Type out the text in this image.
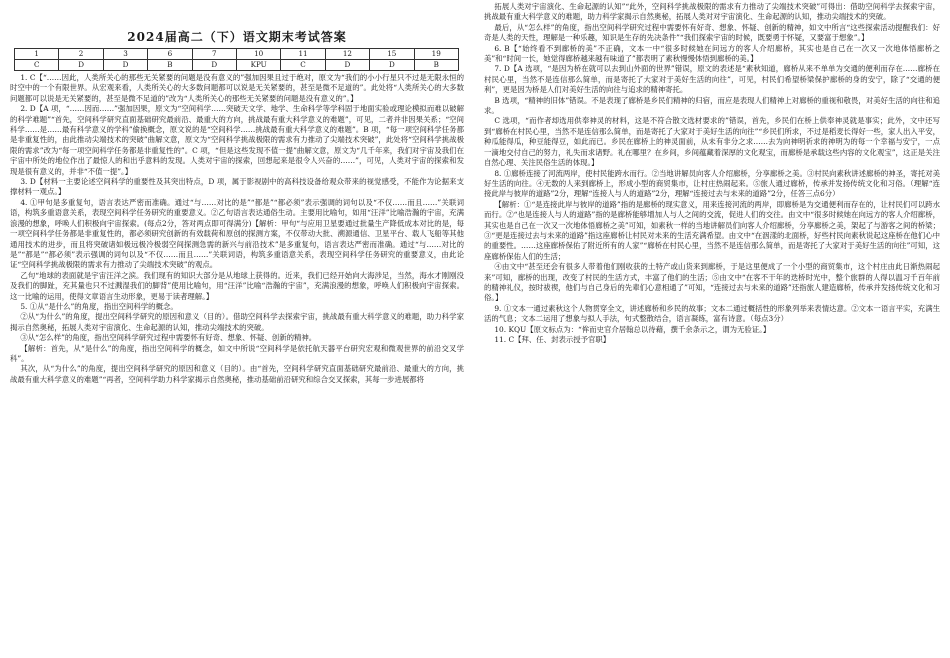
2024届高二（下）语文期末考试答案
1	2	3	6	7	10	11	12	15	19
C	D	D	B	D	KPU	C	D	D	B

1. C【“……因此，人类所关心的那些无关紧要的问题是没有意义的”强加因果且过于绝对，原文为“我们的小小行星只不过是无限永恒的时空中的一个有限世界。从宏观来看，人类所关心的大多数问题都可以说是无关紧要的，甚至是微不足道的”。此处将“人类所关心的大多数问题都可以说是无关紧要的，甚至是微不足道的”改为“人类所关心的那些无关紧要的问题是没有意义的”。】

2. D【A 项，“……因而……”强加因果，原文为“空间科学……突破天文学、地学、生命科学等学科固于地面实验或理论模拟而难以破解的科学难题”“首先，空间科学研究直面基础研究最前沿、最重大的方向，挑战最有重大科学意义的难题”，可见，二者并非因果关系；“空间科学……是……最有科学意义的学科”偷换概念，原文说的是“空间科学……挑战最有重大科学意义的难题”。B 项，“每一项空间科学任务都是非重复性的，由此推动尖端技术的突破”曲解文意，原文为“空间科学挑战极限的需求有力推动了尖端技术突破”，此处将“空间科学挑战极限的需求”改为“每一项空间科学任务都是非重复性的”。C 项，“但是这些发现不值一提”曲解文意，原文为“几千年来，我们对宇宙及我们在宇宙中所处的地位作出了最惊人的和出乎意料的发现。人类对宇宙的探索，回想起来是很令人兴奋的……”，可见，人类对宇宙的探索和发现是很有意义的，并非“不值一提”。】

3. D【材料一主要论述空间科学的重要性及其突出特点，D 项，属于影视剧中的高科技设备给观众带来的视觉感受，不能作为论据来支撑材料一观点。】

4. ①甲句是多重复句，语言表达严密而准确。通过“与……对比的是”“都是”“都必须”表示强调的词句以及“不仅……而且……”关联词语，构筑多重语意关系，表现空间科学任务研究的重要意义。②乙句语言表达通俗生动。主要用比喻句，如用“汪洋”比喻浩瀚的宇宙，充满浪漫的想象，呼唤人们积极向宇宙探索。(每点2分，答对两点即可得满分)【解析：甲句“与应用卫星要通过批量生产降低成本对比的是，每一项空间科学任务都是非重复性的，都必须研究创新的有效载荷和原创的探测方案，不仅带动大批、溯源通信、卫星平台、载人飞船等其他通用技术的进步，而且将突破诸如极远极冷极弱空间探测急需的新兴与前沿技术”是多重复句，语言表达严密而准确。通过“与……对比的是”“都是”“都必须”表示强调的词句以及“不仅……而且……”关联词语，构筑多重语意关系，表现空间科学任务研究的重要意义，由此论证“空间科学挑战极限的需求有力推动了尖端技术突破”的观点。

乙句“地球的表面就是宇宙汪洋之滨。我们现有的知识大部分是从地球上获得的。近来，我们已经开始向大海涉足，当然，海水才刚刚没及我们的脚趾，充其量也只不过溅湿我们的脚背”使用比喻句，用“汪洋”比喻“浩瀚的宇宙”，充满浪漫的想象，呼唤人们积极向宇宙探索。这一比喻的运用，使得文章语言生动形象，更易于读者理解。】

5. ①从“是什么”的角度，指出空间科学的概念。

②从“为什么”的角度，提出空间科学研究的原因和意义（目的）。借助空间科学去探索宇宙，挑战最有重大科学意义的难题，助力科学家揭示自然奥秘，拓展人类对宇宙演化、生命起源的认知，推动尖端技术的突破。

③从“怎么样”的角度，指出空间科学研究过程中需要怀有好奇、想象、怀疑、创新的精神。

【解析：首先，从“是什么”的角度，指出空间科学的概念，如文中所说“空间科学是依托航天器平台研究宏观和微观世界的前沿交叉学科”。

其次，从“为什么”的角度，提出空间科学研究的原因和意义（目的）。由“首先，空间科学研究直面基础研究最前沿、最重大的方向，挑战最有重大科学意义的难题”“再者，空间科学助力科学家揭示自然奥秘，推动基础前沿研究和综合交叉探索，其每一步进展都将

拓展人类对宇宙演化、生命起源的认知”“此外，空间科学挑战极限的需求有力推动了尖端技术突破”可得出：借助空间科学去探索宇宙，挑战最有重大科学意义的难题，助力科学家揭示自然奥秘，拓展人类对对宇宙演化、生命起源的认知，推动尖端技术的突破。

最后，从“怎么样”的角度，指出空间科学研究过程中需要怀有好奇、想象、怀疑、创新的精神，如文中所言“这些探索活动提醒我们：好奇是人类的天性，理解是一种乐趣，知识是生存的先决条件”“我们探索宇宙的时候，既要勇于怀疑，又要富于想象”。】

6. B【“始终看不到廊桥的美”不正确，文本一中“很多时候她在问远方的客人介绍廊桥，其实也是自己在一次又一次地体悟廊桥之美”和“时间一长，她觉得廊桥越来越有味道了”都表明了素秋慢慢体悟到廊桥的美。】

7. D【A 选项，“是因为桥在就可以去到山外面的世界”错误，原文的表述是“素秋知道，廊桥从来不单单为交通的便利而存在……廊桥在村民心里，当然不是连信那么简单，而是寄托了大家对于美好生活的向往”，可见，村民们希望桥梁保护廊桥的身的安宁，除了“交通的便利”，更是因为桥是人们对美好生活的向往与追求的精神寄托。

B 选项，“精神的旧体”错误。不是表现了廊桥是乡民们精神的归宿，而应是表现人们精神上对廊桥的重视和敬畏，对美好生活的向往和追求。

C 选项，“而作者却选用供奉神灵的材料，这是不符合散文选材要求的”错误，首先，乡民们在桥上供奉神灵就是事实；此外，文中还写到“廊桥在村民心里，当然不是连信那么简单，而是寄托了大家对于美好生活的向往”“乡民们所求，不过是稻麦长得好一些，家人出入平安，种瓜能得瓜，种豆能得豆，如此而已。乡民在廊桥上的神灵面前，从未有非分之求……去为向神明祈求的神明为的每一个幸福与安宁，一点一滴地交付自己的努力，礼失而求诸野。礼在哪里？在乡间，乡间蕴藏着深厚的文化观宝，而廊桥是承载这些内容的文化观宝”，这正是关注自然心理、关注民俗生活的体现。】

8. ①廊桥连接了河流两岸，使村民能跨水而行。②当地讲解员向客人介绍廊桥，分享廊桥之美。③村民向素秋讲述廊桥的神圣，寄托对美好生活的向往。④无数的人来到廊桥上，形成小型的商贸集市，让村庄热闹起来。⑤旅人通过廊桥，传承并发扬传统文化和习俗。（理解“连接此岸与彼岸的道路”2分，理解“连接人与人的道路”2分，理解“连接过去与未来的道路”2分，任答三点6分）

【解析：①“是连接此岸与彼岸的道路”指的是廊桥的现实意义，用来连接河流的两岸，即廊桥是为交通便利而存在的，让村民们可以跨水而行。②“也是连接人与人的道路”指的是廊桥能够增加人与人之间的交流，促进人们的交往。由文中“很多时候她在向远方的客人介绍廊桥，其实也是自己在一次又一次地体悟廊桥之美”可知，如素秋一样的当地讲解员们向客人介绍廊桥，分享廊桥之美，架起了与游客之间的桥梁；③“更是连接过去与未来的道路”指这座廊桥让村民对未来的生活充满希望。由文中“在洇漾的北面桥，好些村民向素秋说起这座桥在他们心中的重要性。……这座廊桥保佑了附近所有的人家”“廊桥在村民心里，当然不是连信那么简单，而是寄托了大家对于美好生活的向往”可知，这座廊桥保佑人们的生活；

④由文中“甚至还会有很多人带着他们刚收获的土特产或山货来到廊桥，于是这里便成了一个小型的商贸集市，这个村庄由此日渐热闹起来”可知，廊桥的出现，改变了村民的生活方式，丰富了他们的生活；⑤由文中“在客不干年的迭桥时光中，整个旅群的人得以温习千百年前的精神礼仪，按时祓禊，他们与自己身后的先辈们心意相通了”可知，“连接过去与未来的道路”还指旅人建造廊桥，传承并发扬传统文化和习俗。】

9. ①文本一通过素秋这个人物贯穿全文，讲述廊桥和乡民的故事；文本二通过概括性的形象列举来表情达意。②文本一语言平实，充满生活的气息；文本二运用了想象与拟人手法，句式整散结合，语言凝练，富有诗意。（每点3分）

10. KQU【原文标点为：“侔而史官介居翰总以待藉，撰千余条示之，谓为无验证。】

11. C【拜、任、封表示授予官职】
